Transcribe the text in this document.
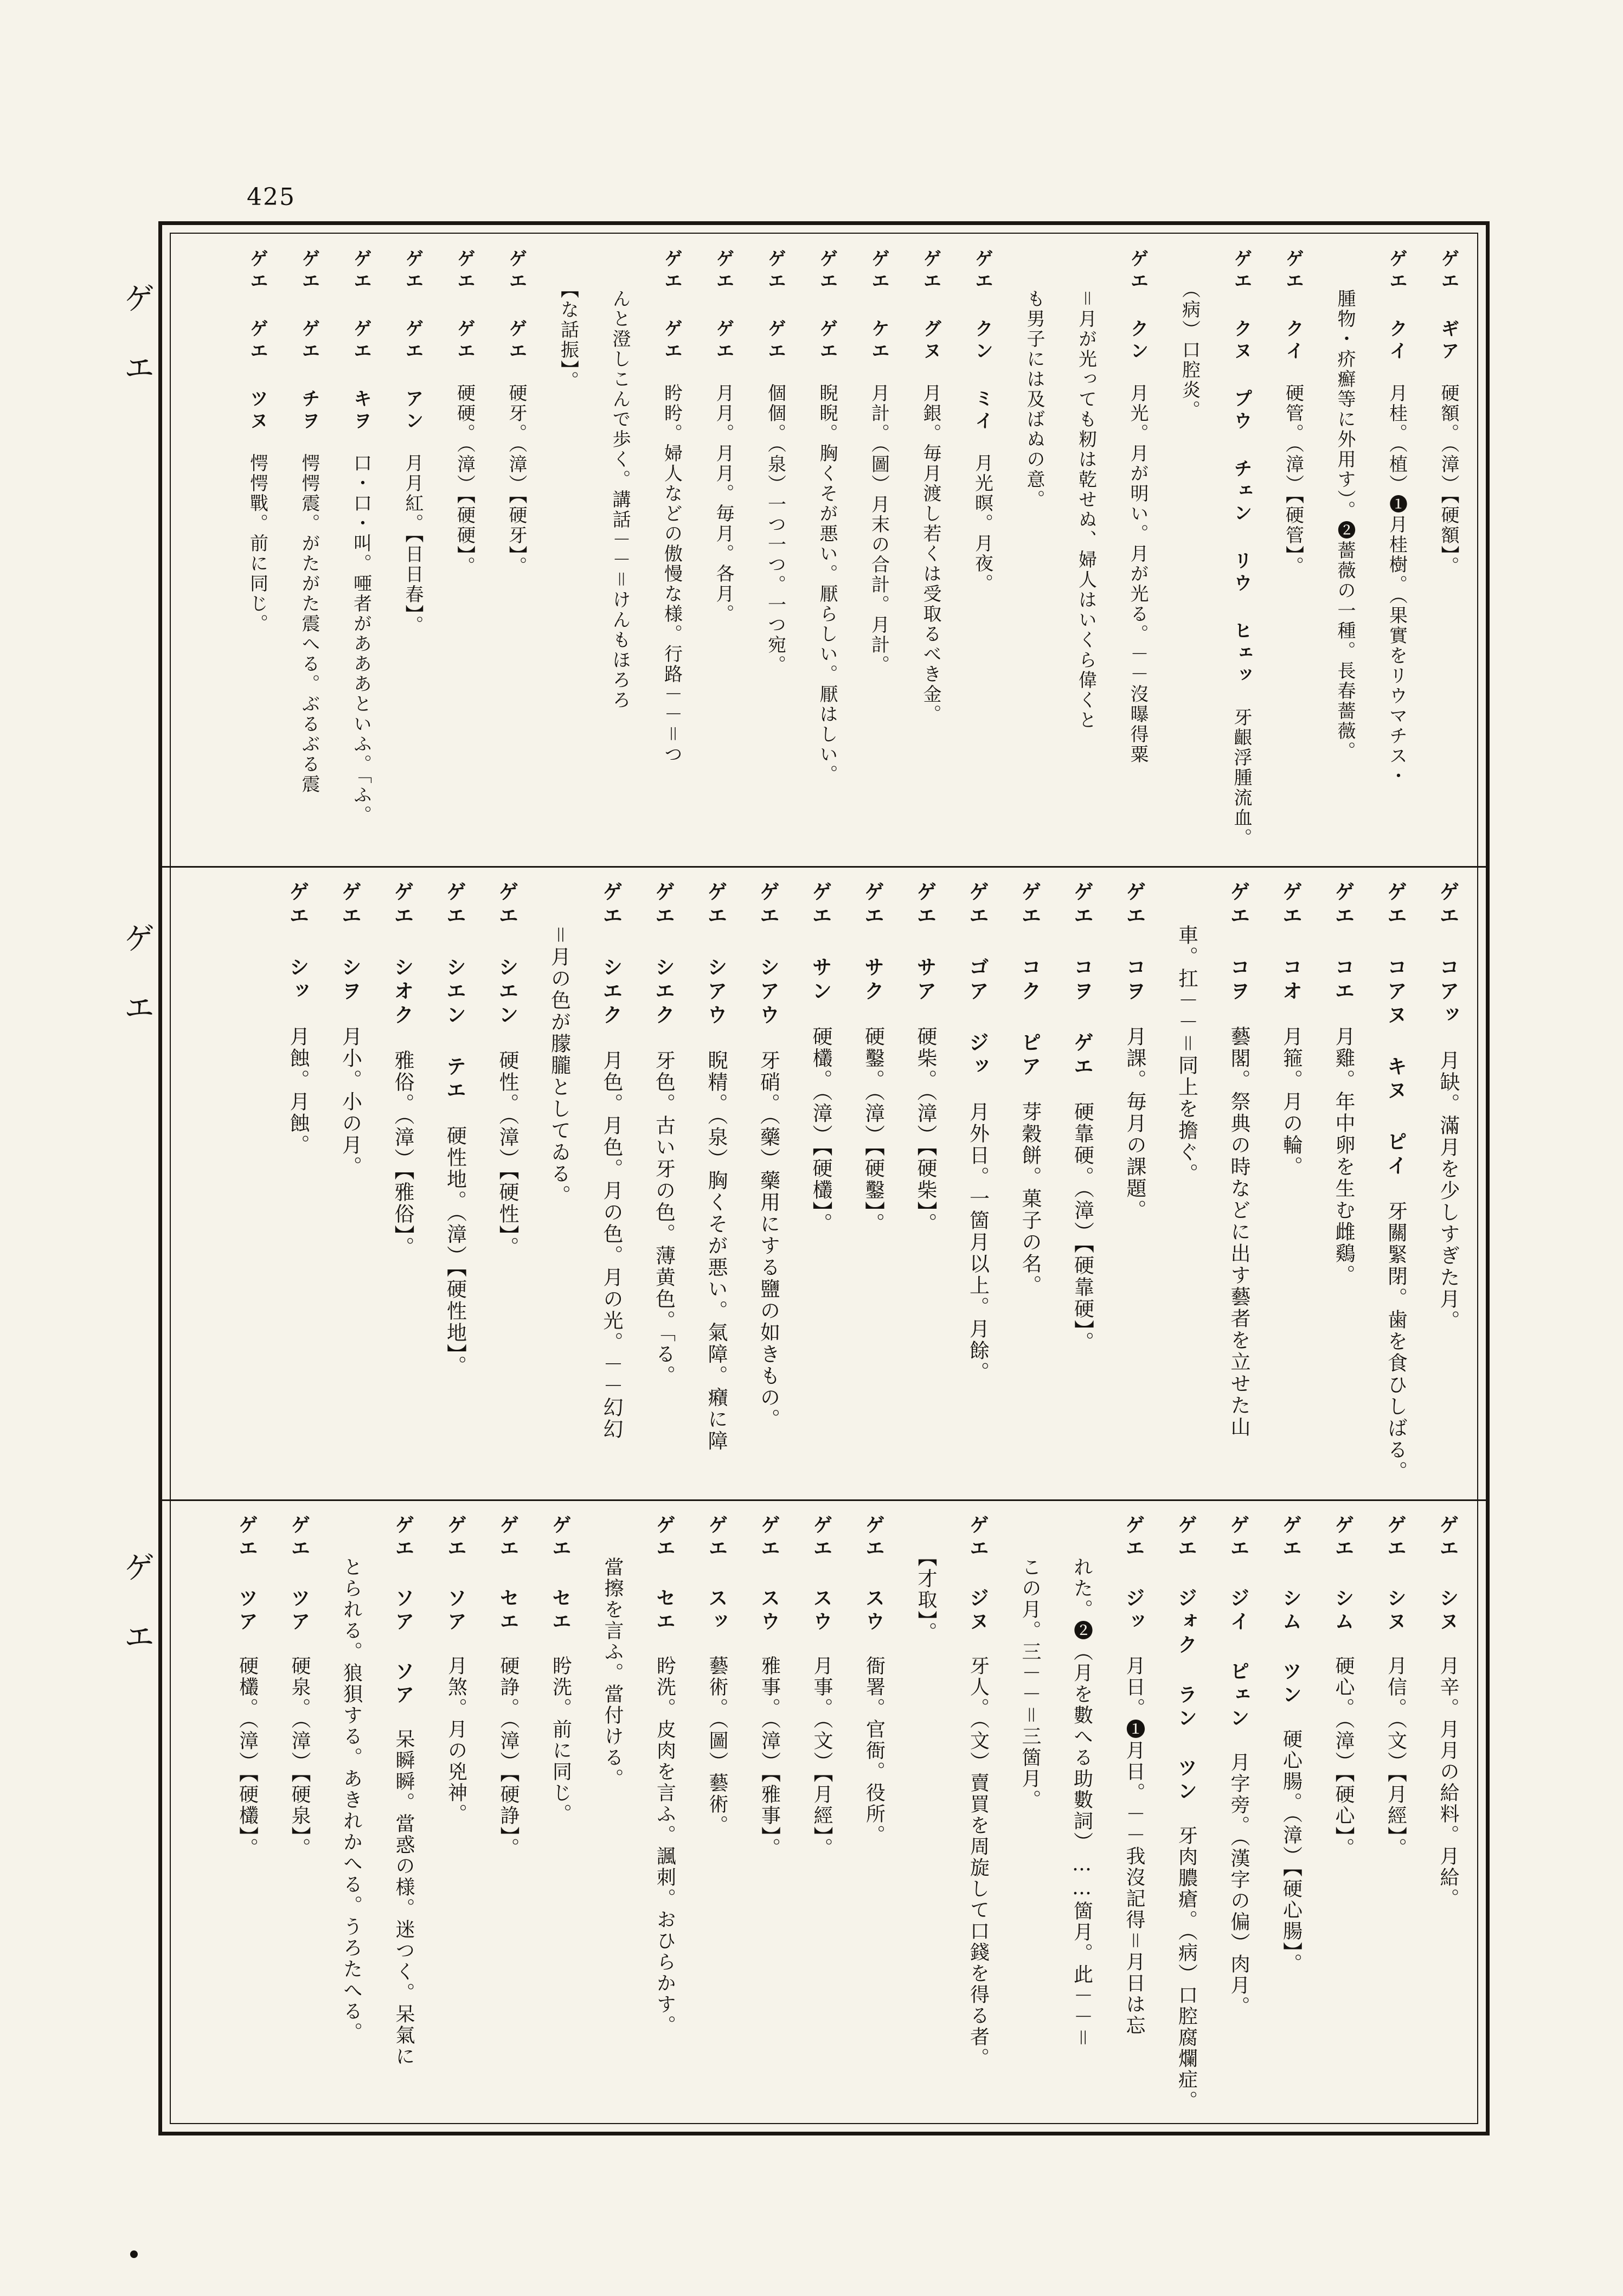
425
ゲエ
ゲエ
ゲエ
ゲエ ギア　硬額。（漳）【硬額】。
ゲエ クイ　月桂。（植）❶月桂樹。（果實をリウマチス・
　　腫物・疥癬等に外用す）。❷薔薇の一種。長春薔薇。
ゲエ クイ　硬管。（漳）【硬管】。
ゲエ クヌ プウ チェン リウ ヒェッ　牙齦浮腫流血。
　　（病）口腔炎。
ゲエ クン　月光。月が明い。月が光る。－－沒曝得粟
　　＝月が光っても籾は乾せぬ、婦人はいくら偉くと
　　も男子には及ばぬの意。
ゲエ クン ミイ　月光暝。月夜。
ゲエ グヌ　月銀。毎月渡し若くは受取るべき金。
ゲエ ケエ　月計。（圖）月末の合計。月計。
ゲエ ゲエ　睨睨。胸くそが悪い。厭らしい。厭はしい。
ゲエ ゲエ　個個。（泉）一つ一つ。一つ宛。
ゲエ ゲエ　月月。月月。毎月。各月。
ゲエ ゲエ　盻盻。婦人などの傲慢な様。行路－－＝つ
　　んと澄しこんで歩く。講話－－＝けんもほろろ
　　【な話振】。
ゲエ ゲエ　硬牙。（漳）【硬牙】。
ゲエ ゲエ　硬硬。（漳）【硬硬】。
ゲエ ゲエ アン　月月紅。【日日春】。
ゲエ ゲエ キヲ　口・口・叫。唖者があああといふ。「ふ。
ゲエ ゲエ チヲ　愕愕震。がたがた震へる。ぶるぶる震
ゲエ ゲエ ツヌ　愕愕戰。前に同じ。
ゲエ コアッ　月缺。滿月を少しすぎた月。
ゲエ コアヌ キヌ ピイ　牙關緊閉。歯を食ひしばる。
ゲエ コエ　月雞。年中卵を生む雌鷄。
ゲエ コオ　月箍。月の輪。
ゲエ コヲ　藝閣。祭典の時などに出す藝者を立せた山
　　車。扛－－＝同上を擔ぐ。
ゲエ コヲ　月課。毎月の課題。
ゲエ コヲ ゲエ　硬靠硬。（漳）【硬靠硬】。
ゲエ コク ピア　芽穀餅。菓子の名。
ゲエ ゴア ジッ　月外日。一箇月以上。月餘。
ゲエ サア　硬柴。（漳）【硬柴】。
ゲエ サク　硬鑿。（漳）【硬鑿】。
ゲエ サン　硬欉。（漳）【硬欉】。
ゲエ シアウ　牙硝。（藥）藥用にする鹽の如きもの。
ゲエ シアウ　睨精。（泉）胸くそが悪い。氣障。癪に障
ゲエ シエク　牙色。古い牙の色。薄黄色。「る。
ゲエ シエク　月色。月色。月の色。月の光。－－幻幻
　　＝月の色が朦朧としてゐる。
ゲエ シエン　硬性。（漳）【硬性】。
ゲエ シエン テエ　硬性地。（漳）【硬性地】。
ゲエ シオク　雅俗。（漳）【雅俗】。
ゲエ シヲ　月小。小の月。
ゲエ シッ　月蝕。月蝕。
ゲエ シヌ　月辛。月月の給料。月給。
ゲエ シヌ　月信。（文）【月經】。
ゲエ シム　硬心。（漳）【硬心】。
ゲエ シム ツン　硬心腸。（漳）【硬心腸】。
ゲエ ジイ ピェン　月字旁。（漢字の偏）肉月。
ゲエ ジォク ラン ツン　牙肉膿瘡。（病）口腔腐爛症。
ゲエ ジッ　月日。❶月日。－－我沒記得＝月日は忘
　　れた。❷（月を數へる助數詞）……箇月。此－－＝
　　この月。三－－＝三箇月。
ゲエ ジヌ　牙人。（文）賣買を周旋して口錢を得る者。
　　【才取】。
ゲエ スウ　衙署。官衙。役所。
ゲエ スウ　月事。（文）【月經】。
ゲエ スウ　雅事。（漳）【雅事】。
ゲエ スッ　藝術。（圖）藝術。
ゲエ セエ　盻洗。皮肉を言ふ。諷刺。おひらかす。
　　當擦を言ふ。當付ける。
ゲエ セエ　盻洗。前に同じ。
ゲエ セエ　硬諍。（漳）【硬諍】。
ゲエ ソア　月煞。月の兇神。
ゲエ ソア ソア　呆瞬瞬。當惑の様。迷つく。呆氣に
　　とられる。狼狽する。あきれかへる。うろたへる。
ゲエ ツア　硬泉。（漳）【硬泉】。
ゲエ ツア　硬欉。（漳）【硬欉】。
